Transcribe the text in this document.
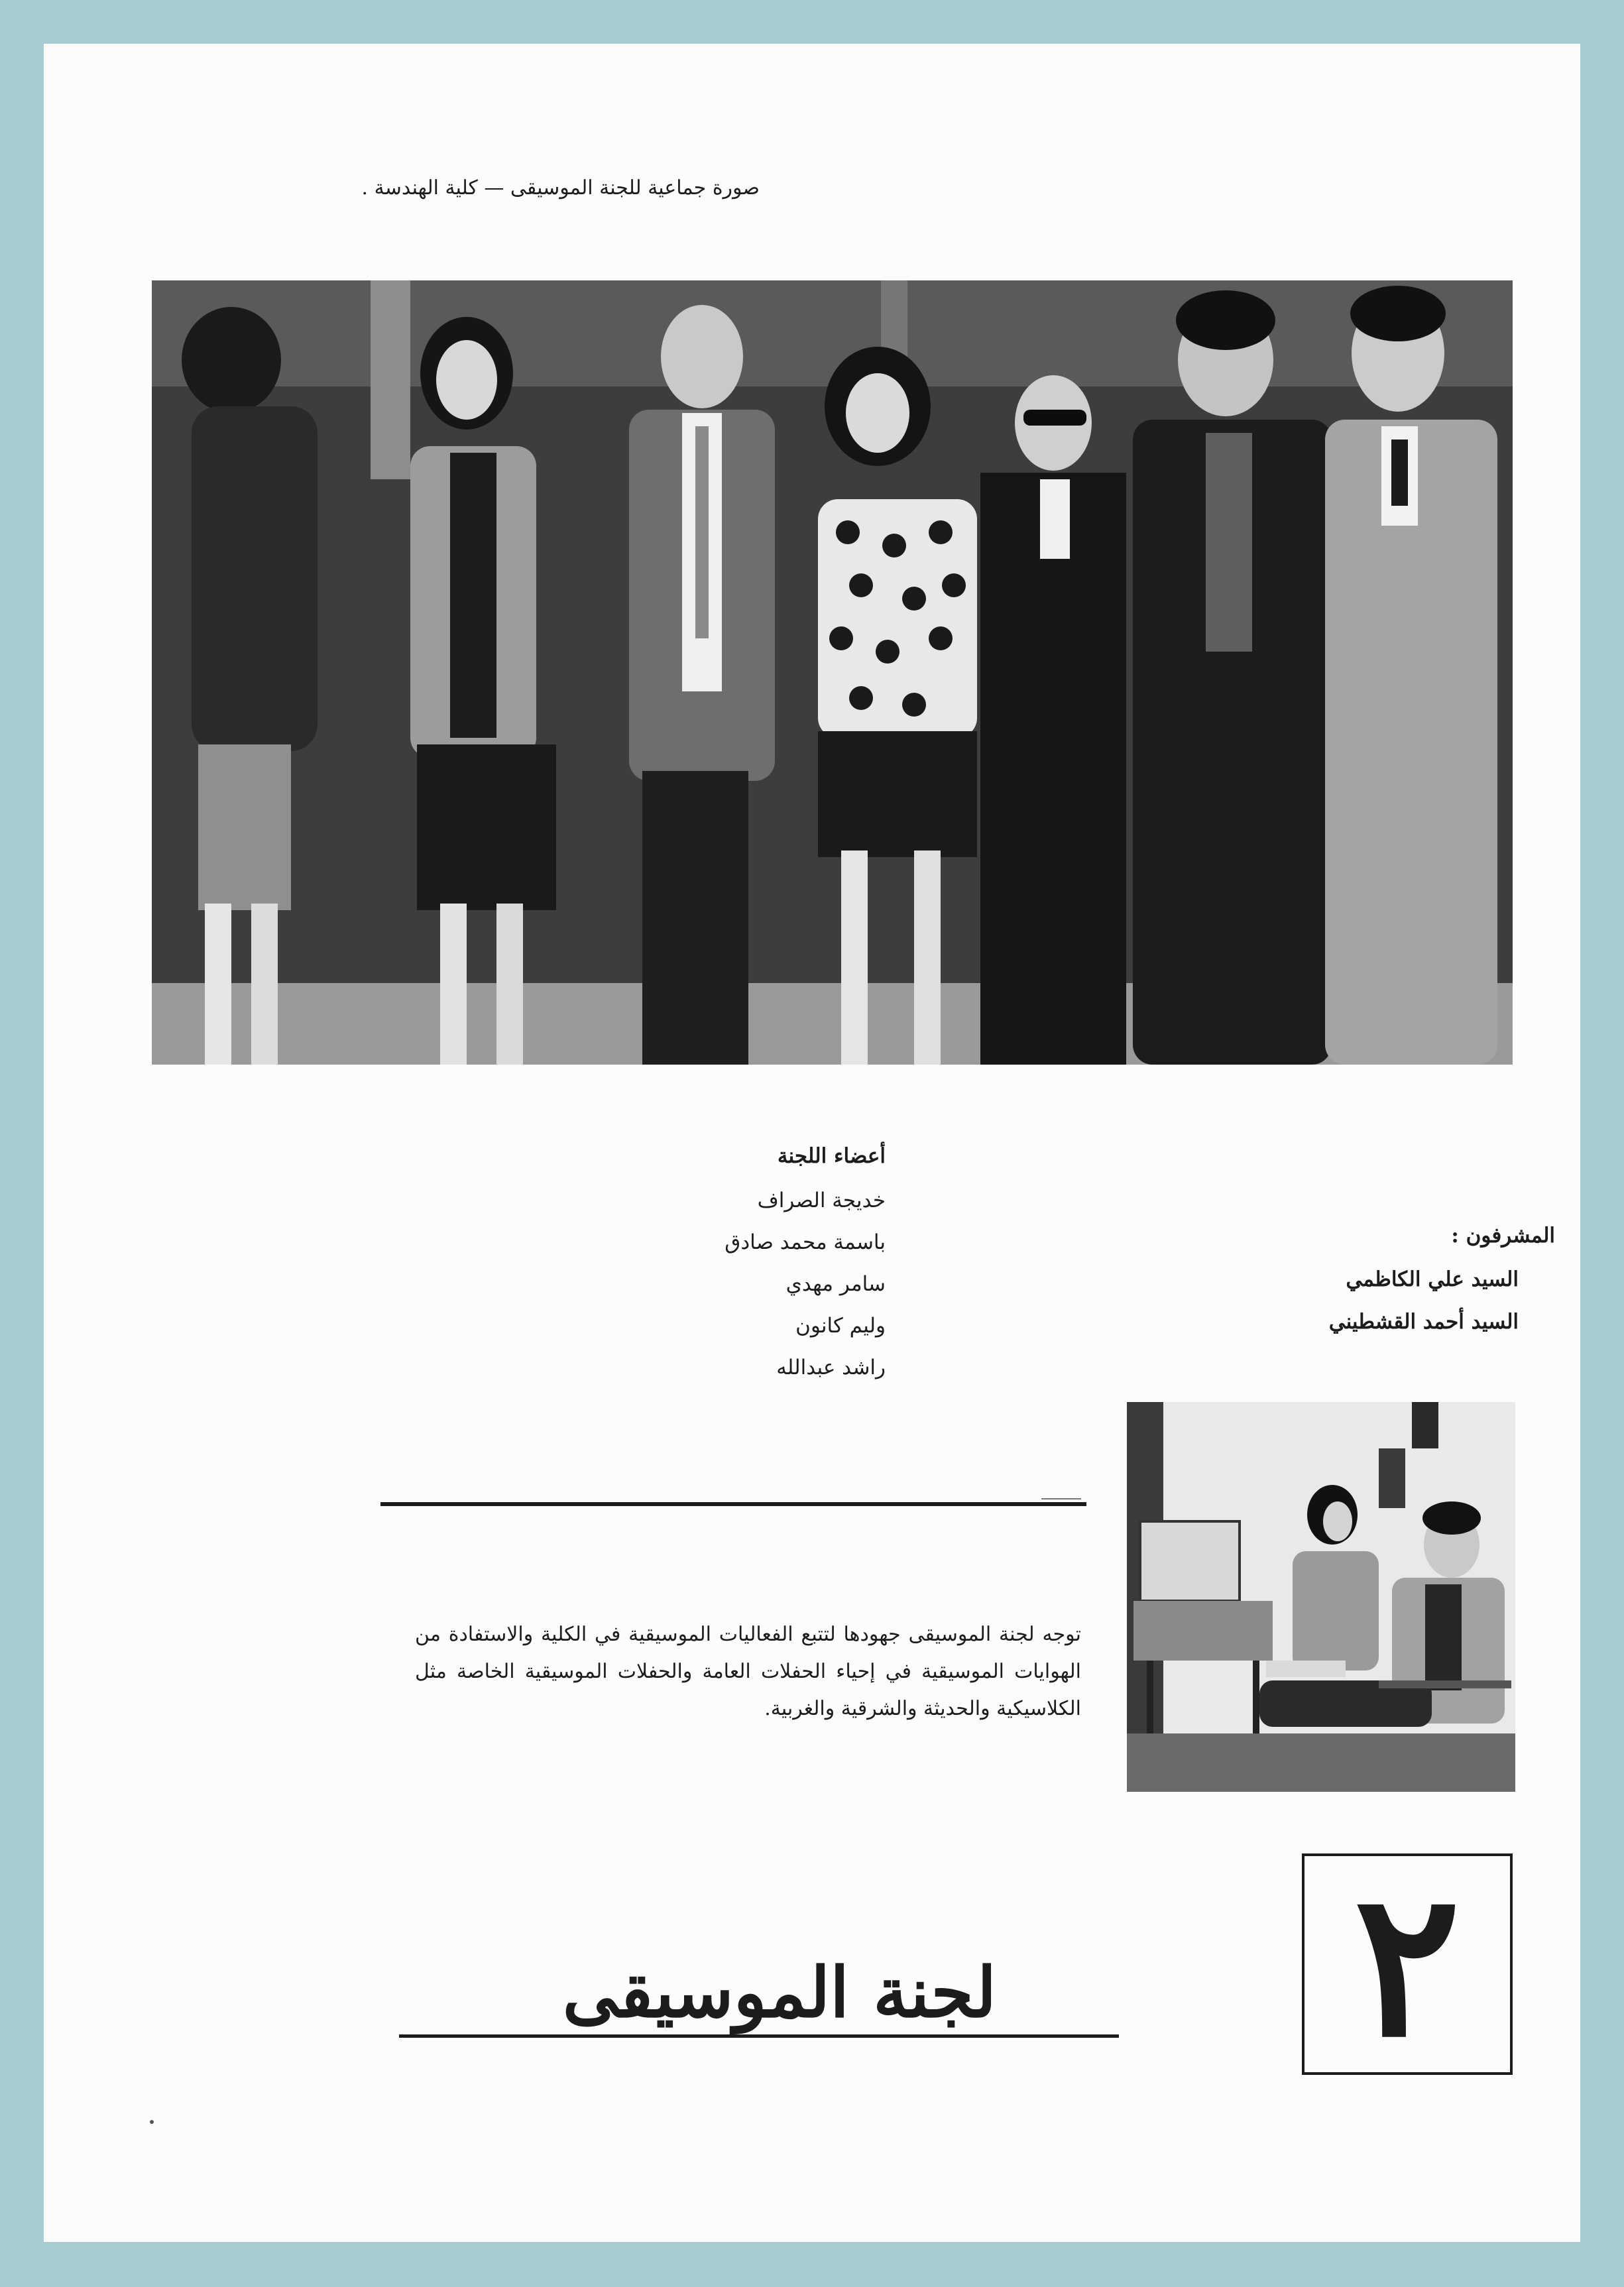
صورة جماعية للجنة الموسيقى — كلية الهندسة .
أعضاء اللجنة
خديجة الصراف
باسمة محمد صادق
سامر مهدي
وليم كانون
راشد عبدالله
المشرفون :
السيد علي الكاظمي
السيد أحمد القشطيني
توجه لجنة الموسيقى جهودها لتتبع الفعاليات الموسيقية في الكلية والاستفادة من الهوايات الموسيقية في إحياء الحفلات العامة والحفلات الموسيقية الخاصة مثل الكلاسيكية والحديثة والشرقية والغربية.
٢
لجنة الموسيقى
